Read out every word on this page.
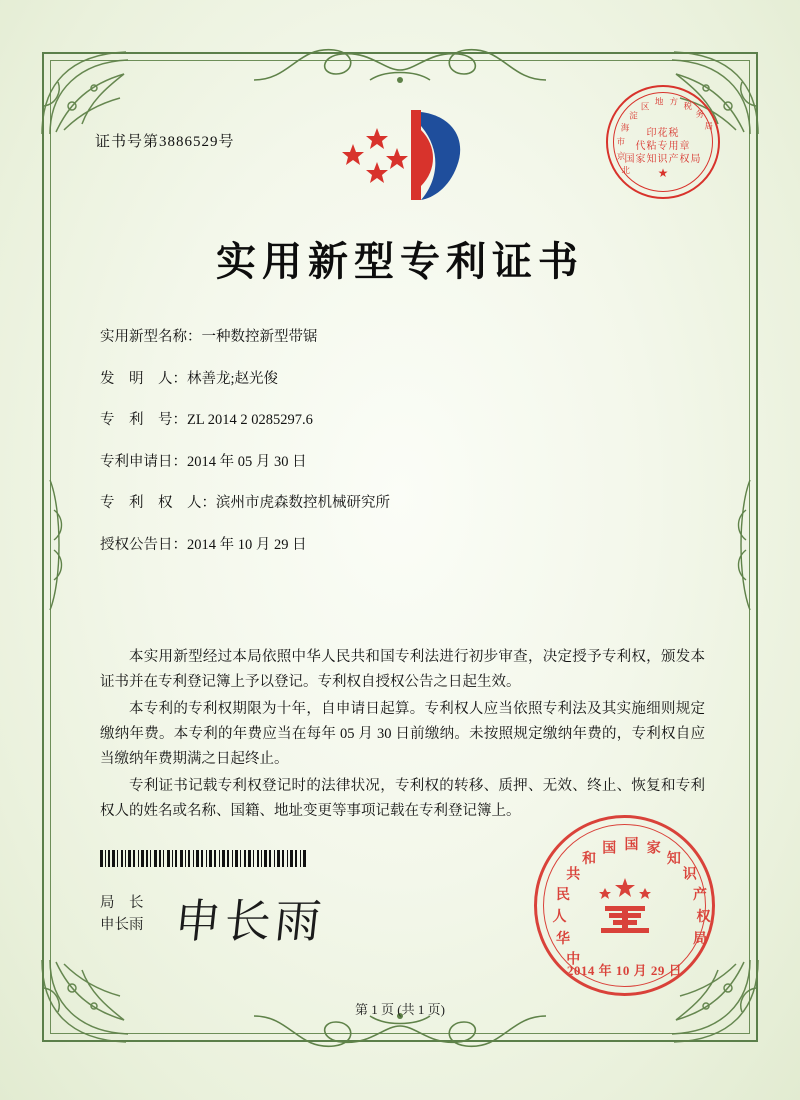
证书号第3886529号
北
京
市
海
淀
区 地 方 税
务
局
印花税
代粘专用章
国家知识产权局
★
实用新型专利证书
实用新型名称： 一种数控新型带锯
发　明　人： 林善龙;赵光俊
专　利　号： ZL 2014 2 0285297.6
专利申请日： 2014 年 05 月 30 日
专　利　权　人： 滨州市虎森数控机械研究所
授权公告日： 2014 年 10 月 29 日

本实用新型经过本局依照中华人民共和国专利法进行初步审查，决定授予专利权，颁发本证书并在专利登记簿上予以登记。专利权自授权公告之日起生效。

本专利的专利权期限为十年，自申请日起算。专利权人应当依照专利法及其实施细则规定缴纳年费。本专利的年费应当在每年 05 月 30 日前缴纳。未按照规定缴纳年费的，专利权自应当缴纳年费期满之日起终止。

专利证书记载专利权登记时的法律状况，专利权的转移、质押、无效、终止、恢复和专利权人的姓名或名称、国籍、地址变更等事项记载在专利登记簿上。

局　长
申长雨 申长雨
中
华
人
民
共
和
国 国 家
知
识
产
权
局
2014 年 10 月 29 日
第 1 页 (共 1 页)
